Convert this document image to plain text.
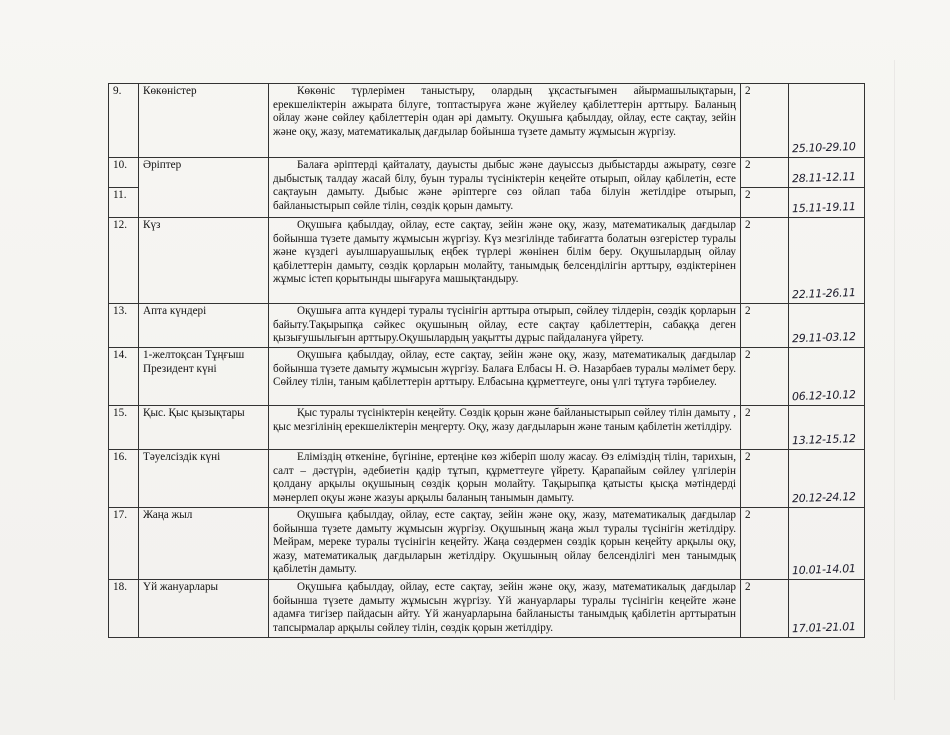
9.	Көкөністер	Көкөніс түрлерімен таныстыру, олардың ұқсастығымен айырмашылықтарын, ерекшеліктерін ажырата білуге, топтастыруға және жүйелеу қабілеттерін арттыру. Баланың ойлау және сөйлеу қабілеттерін одан әрі дамыту. Оқушыға қабылдау, ойлау, есте сақтау, зейін және оқу, жазу, математикалық дағдылар бойынша түзете дамыту жұмысын жүргізу.	2	25.10-29.10

10.	Әріптер	Балаға әріптерді қайталату, дауысты дыбыс және дауыссыз дыбыстарды ажырату, сөзге дыбыстық талдау жасай білу, буын туралы түсініктерін кеңейте отырып, ойлау қабілетін, есте сақтауын дамыту. Дыбыс және әріптерге сөз ойлап таба білуін жетілдіре отырып, байланыстырып сөйле тілін, сөздік қорын дамыту.	2	28.11-12.11

11.			2	15.11-19.11

12.	Күз	Оқушыға қабылдау, ойлау, есте сақтау, зейін және оқу, жазу, математикалық дағдылар бойынша түзете дамыту жұмысын жүргізу. Күз мезгілінде табиғатта болатын өзгерістер туралы және күздегі ауылшаруашылық еңбек түрлері жөнінен білім беру. Оқушылардың ойлау қабілеттерін дамыту, сөздік қорларын молайту, танымдық белсенділігін арттыру, өздіктерінен жұмыс істеп қорытынды шығаруға машықтандыру.	2	22.11-26.11

13.	Апта күндері	Оқушыға апта күндері туралы түсінігін арттыра отырып, сөйлеу тілдерін, сөздік қорларын байыту.Тақырыпқа сәйкес оқушының ойлау, есте сақтау қабілеттерін, сабаққа деген қызығушылығын арттыру.Оқушылардың уақытты дұрыс пайдалануға үйрету.	2	29.11-03.12

14.	1-желтоқсан Тұңғыш Президент күні	Оқушыға қабылдау, ойлау, есте сақтау, зейін және оқу, жазу, математикалық дағдылар бойынша түзете дамыту жұмысын жүргізу. Балаға Елбасы Н. Ә. Назарбаев туралы мәлімет беру. Сөйлеу тілін, таным қабілеттерін арттыру. Елбасына құрметтеуге, оны үлгі тұтуға тәрбиелеу.	2	06.12-10.12

15.	Қыс. Қыс қызықтары	Қыс туралы түсініктерін кеңейту. Сөздік қорын және байланыстырып сөйлеу тілін дамыту , қыс мезгілінің ерекшеліктерін меңгерту. Оқу, жазу дағдыларын және таным қабілетін жетілдіру.	2	13.12-15.12

16.	Тәуелсіздік күні	Еліміздің өткеніне, бүгініне, ертеңіне көз жіберіп шолу жасау. Өз еліміздің тілін, тарихын, салт – дәстүрін, әдебиетін қадір тұтып, құрметтеуге үйрету. Қарапайым сөйлеу үлгілерін қолдану арқылы оқушының сөздік қорын молайту. Тақырыпқа қатысты қысқа мәтіндерді мәнерлеп оқуы және жазуы арқылы баланың танымын дамыту.	2	20.12-24.12

17.	Жаңа жыл	Оқушыға қабылдау, ойлау, есте сақтау, зейін және оқу, жазу, математикалық дағдылар бойынша түзете дамыту жұмысын жүргізу. Оқушының жаңа жыл туралы түсінігін жетілдіру. Мейрам, мереке туралы түсінігін кеңейту. Жаңа сөздермен сөздік қорын кеңейту арқылы оқу, жазу, математикалық дағдыларын жетілдіру. Оқушының ойлау белсенділігі мен танымдық қабілетін дамыту.	2	10.01-14.01

18.	Үй жануарлары	Оқушыға қабылдау, ойлау, есте сақтау, зейін және оқу, жазу, математикалық дағдылар бойынша түзете дамыту жұмысын жүргізу. Үй жануарлары туралы түсінігін кеңейте және адамға тигізер пайдасын айту. Үй жануарларына байланысты танымдық қабілетін арттыратын тапсырмалар арқылы сөйлеу тілін, сөздік қорын жетілдіру.	2	17.01-21.01
